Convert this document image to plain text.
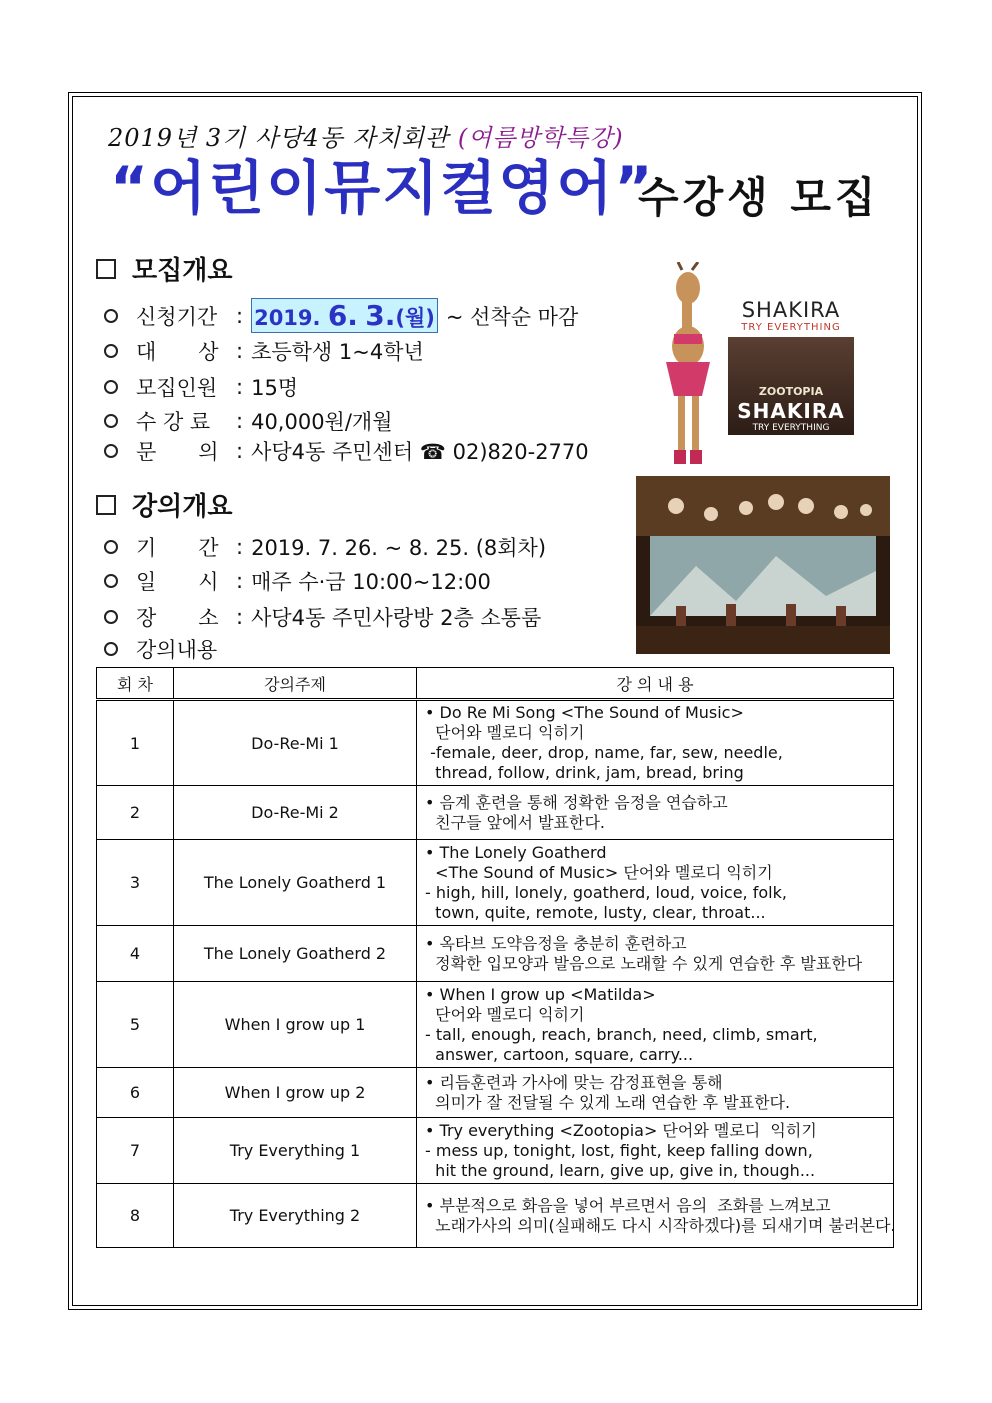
2019년 3기 사당4동 자치회관 (여름방학특강)
“어린이뮤지컬영어”
수강생 모집
모집개요
신청기간 : 2019. 6. 3.(월) ~ 선착순 마감
대　　상 : 초등학생 1~4학년
모집인원 : 15명
수 강 료	: 40,000원/개월
문　　의 : 사당4동 주민센터 ☎ 02)820-2770
SHAKIRA
TRY EVERYTHING
ZOOTOPIA
SHAKIRA
TRY EVERYTHING
강의개요
기　　간 : 2019. 7. 26. ~ 8. 25. (8회차)
일　　시 : 매주 수·금 10:00~12:00
장　　소 : 사당4동 주민사랑방 2층 소통룸
강의내용
회 차	강의주제	강 의 내 용
1	Do-Re-Mi 1	• Do Re Mi Song <The Sound of Music>
단어와 멜로디 익히기
-female, deer, drop, name, far, sew, needle,
thread, follow, drink, jam, bread, bring

2	Do-Re-Mi 2	• 음계 훈련을 통해 정확한 음정을 연습하고
친구들 앞에서 발표한다.

3	The Lonely Goatherd 1	• The Lonely Goatherd
<The Sound of Music> 단어와 멜로디 익히기
- high, hill, lonely, goatherd, loud, voice, folk,
town, quite, remote, lusty, clear, throat...

4	The Lonely Goatherd 2	• 옥타브 도약음정을 충분히 훈련하고
정확한 입모양과 발음으로 노래할 수 있게 연습한 후 발표한다

5	When I grow up 1	• When I grow up <Matilda>
단어와 멜로디 익히기
- tall, enough, reach, branch, need, climb, smart,
answer, cartoon, square, carry...

6	When I grow up 2	• 리듬훈련과 가사에 맞는 감정표현을 통해
의미가 잘 전달될 수 있게 노래 연습한 후 발표한다.

7	Try Everything 1	• Try everything <Zootopia> 단어와 멜로디  익히기
- mess up, tonight, lost, fight, keep falling down,
hit the ground, learn, give up, give in, though...

8	Try Everything 2	• 부분적으로 화음을 넣어 부르면서 음의  조화를 느껴보고
노래가사의 의미(실패해도 다시 시작하겠다)를 되새기며 불러본다.
